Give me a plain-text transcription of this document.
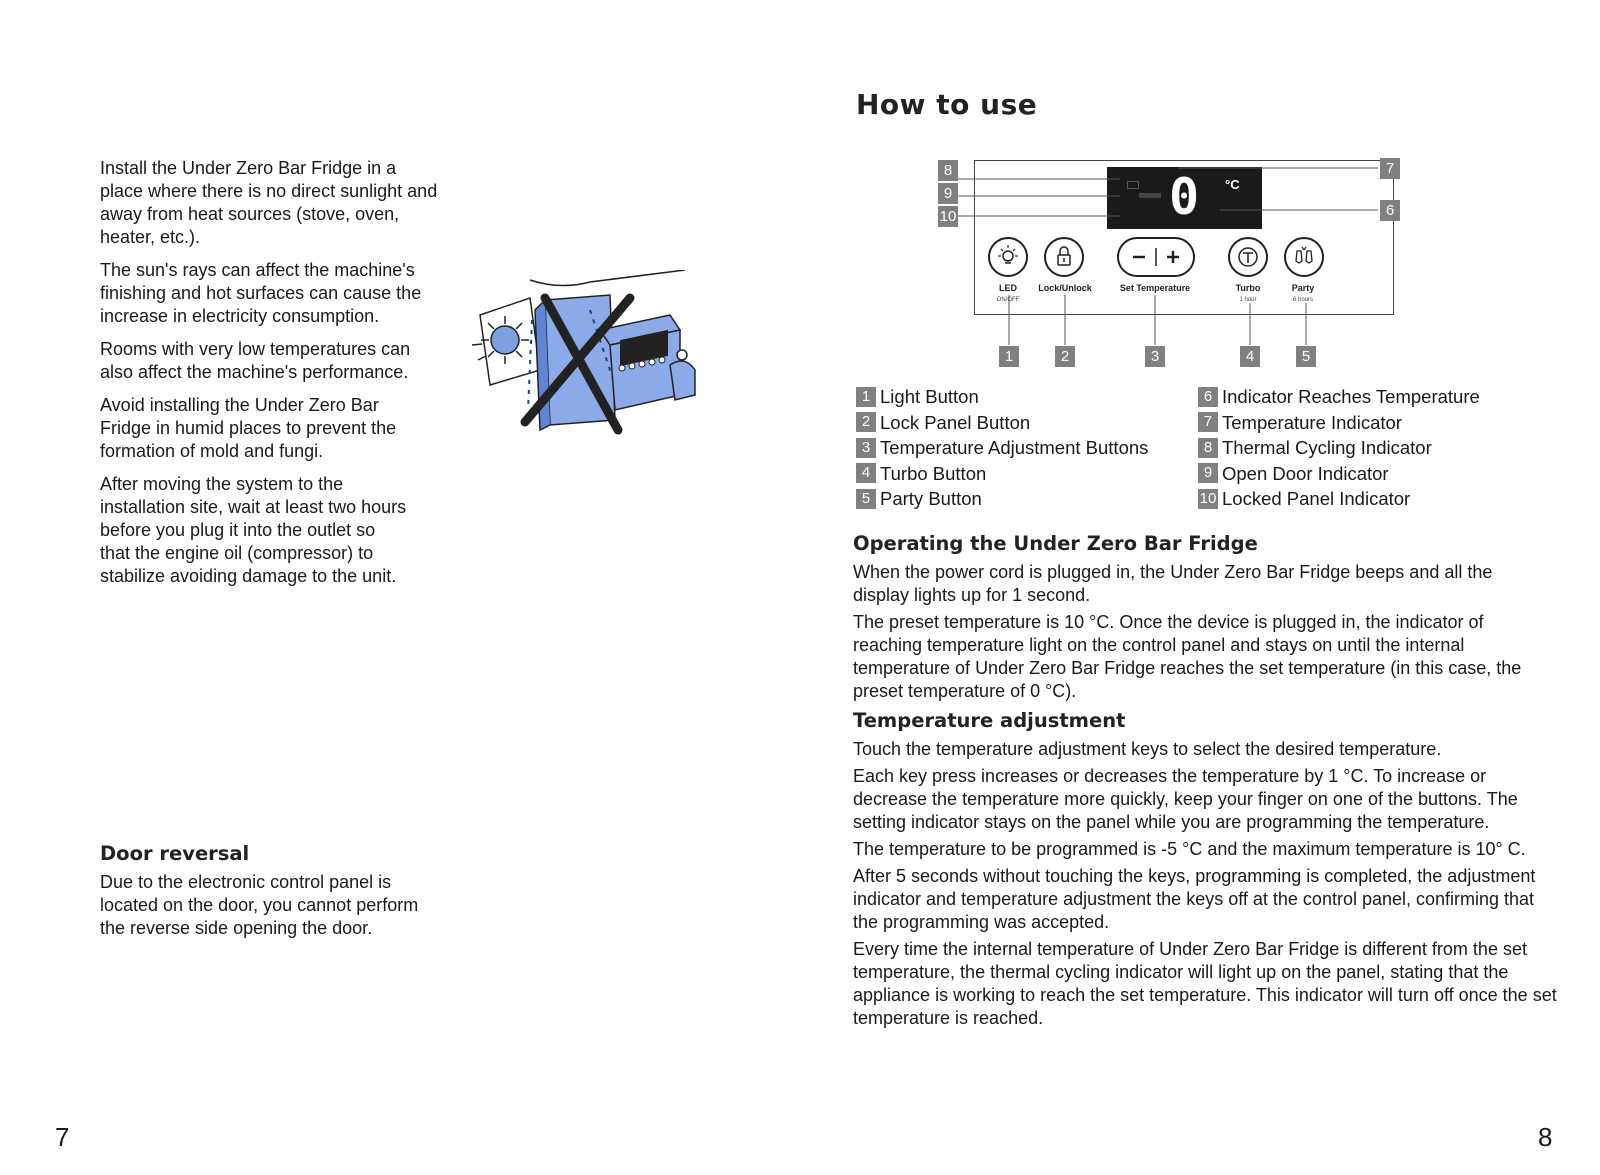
Install the Under Zero Bar Fridge in a place where there is no direct sunlight and away from heat sources (stove, oven, heater, etc.).

The sun's rays can affect the machine's finishing and hot surfaces can cause the increase in electricity consumption.

Rooms with very low temperatures can also affect the machine's performance.

Avoid installing the Under Zero Bar Fridge in humid places to prevent the formation of mold and fungi.

After moving the system to the installation site, wait at least two hours before you plug it into the outlet so that the engine oil (compressor) to stabilize avoiding damage to the unit.

Door reversal

Due to the electronic control panel is located on the door, you cannot perform the reverse side opening the door.

7
How to use
0 °C
8
9
10
7
6
1	2	3	4	5
LED
ON/OFF
Lock/Unlock	Set Temperature	Turbo
1 hour
Party
6 hours
1 Light Button
2 Lock Panel Button
3 Temperature Adjustment Buttons
4 Turbo Button
5 Party Button
6 Indicator Reaches Temperature
7 Temperature Indicator
8 Thermal Cycling Indicator
9 Open Door Indicator
10 Locked Panel Indicator
Operating the Under Zero Bar Fridge

When the power cord is plugged in, the Under Zero Bar Fridge beeps and all the display lights up for 1 second.

The preset temperature is 10 °C. Once the device is plugged in, the indicator of reaching temperature light on the control panel and stays on until the internal temperature of Under Zero Bar Fridge reaches the set temperature (in this case, the preset temperature of 0 °C).

Temperature adjustment

Touch the temperature adjustment keys to select the desired temperature.

Each key press increases or decreases the temperature by 1 °C. To increase or decrease the temperature more quickly, keep your finger on one of the buttons. The setting indicator stays on the panel while you are programming the temperature.

The temperature to be programmed is -5 °C and the maximum temperature is 10° C.

After 5 seconds without touching the keys, programming is completed, the adjustment indicator and temperature adjustment the keys off at the control panel, confirming that the programming was accepted.

Every time the internal temperature of Under Zero Bar Fridge is different from the set temperature, the thermal cycling indicator will light up on the panel, stating that the appliance is working to reach the set temperature. This indicator will turn off once the set temperature is reached.

8
